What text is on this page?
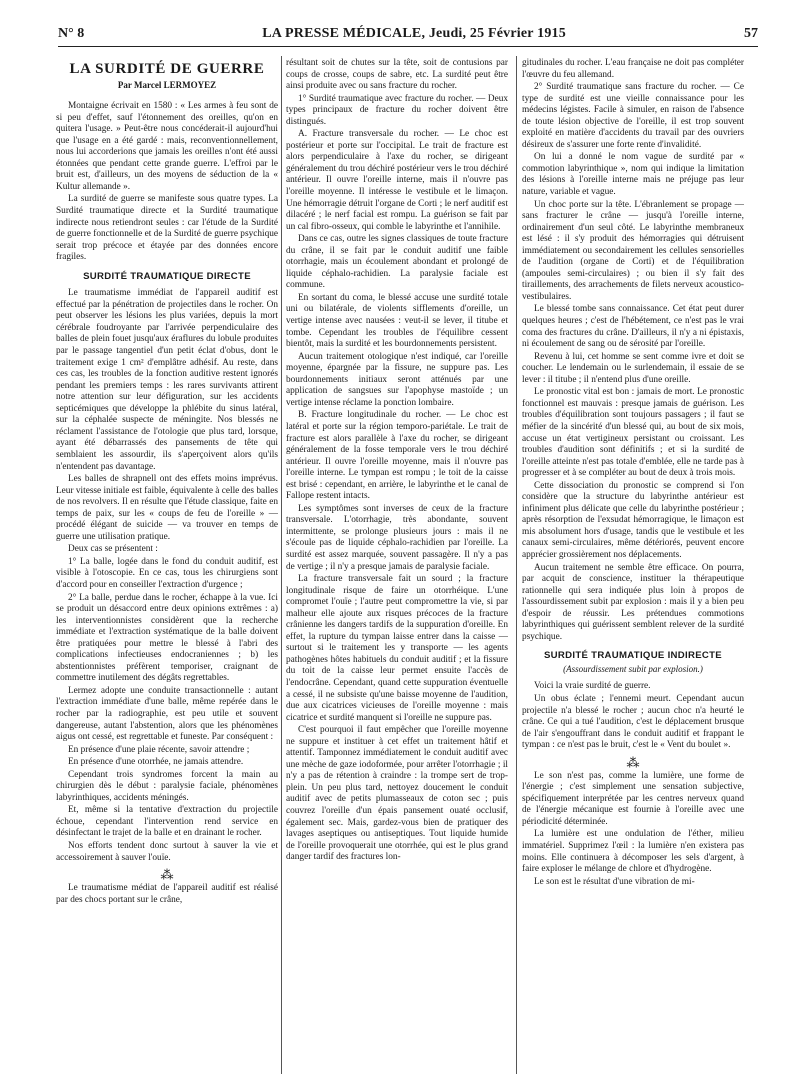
N° 8	LA PRESSE MÉDICALE, Jeudi, 25 Février 1915	57
LA SURDITÉ DE GUERRE
Par Marcel LERMOYEZ

Montaigne écrivait en 1580 : « Les armes à feu sont de si peu d'effet, sauf l'étonnement des oreilles, qu'on en quitera l'usage. » Peut-être nous concéderait-il aujourd'hui que l'usage en a été gardé : mais, reconventionnellement, nous lui accorderions que jamais les oreilles n'ont été aussi étonnées que pendant cette grande guerre. L'effroi par le bruit est, d'ailleurs, un des moyens de séduction de la « Kultur allemande ».

La surdité de guerre se manifeste sous quatre types. La Surdité traumatique directe et la Surdité traumatique indirecte nous retiendront seules : car l'étude de la Surdité de guerre fonctionnelle et de la Surdité de guerre psychique serait trop précoce et étayée par des données encore fragiles.

SURDITÉ TRAUMATIQUE DIRECTE

Le traumatisme immédiat de l'appareil auditif est effectué par la pénétration de projectiles dans le rocher. On peut observer les lésions les plus variées, depuis la mort cérébrale foudroyante par l'arrivée perpendiculaire des balles de plein fouet jusqu'aux éraflures du lobule produites par le passage tangentiel d'un petit éclat d'obus, dont le traitement exige 1 cm² d'emplâtre adhésif. Au reste, dans ces cas, les troubles de la fonction auditive restent ignorés pendant les premiers temps : les rares survivants attirent notre attention sur leur défiguration, sur les accidents septicémiques que développe la phlébite du sinus latéral, sur la céphalée suspecte de méningite. Nos blessés ne réclament l'assistance de l'otologie que plus tard, lorsque, ayant été débarrassés des pansements de tête qui semblaient les assourdir, ils s'aperçoivent alors qu'ils n'entendent pas davantage.

Les balles de shrapnell ont des effets moins imprévus. Leur vitesse initiale est faible, équivalente à celle des balles de nos revolvers. Il en résulte que l'étude classique, faite en temps de paix, sur les « coups de feu de l'oreille » — procédé élégant de suicide — va trouver en temps de guerre une utilisation pratique.

Deux cas se présentent :

1° La balle, logée dans le fond du conduit auditif, est visible à l'otoscopie. En ce cas, tous les chirurgiens sont d'accord pour en conseiller l'extraction d'urgence ;

2° La balle, perdue dans le rocher, échappe à la vue. Ici se produit un désaccord entre deux opinions extrêmes : a) les interventionnistes considèrent que la recherche immédiate et l'extraction systématique de la balle doivent être pratiquées pour mettre le blessé à l'abri des complications infectieuses endocraniennes ; b) les abstentionnistes préfèrent temporiser, craignant de commettre inutilement des dégâts regrettables.

Lermez adopte une conduite transactionnelle : autant l'extraction immédiate d'une balle, même repérée dans le rocher par la radiographie, est peu utile et souvent dangereuse, autant l'abstention, alors que les phénomènes aigus ont cessé, est regrettable et funeste. Par conséquent :

En présence d'une plaie récente, savoir attendre ;

En présence d'une otorrhée, ne jamais attendre.

Cependant trois syndromes forcent la main au chirurgien dès le début : paralysie faciale, phénomènes labyrinthiques, accidents méningés.

Et, même si la tentative d'extraction du projectile échoue, cependant l'intervention rend service en désinfectant le trajet de la balle et en drainant le rocher.

Nos efforts tendent donc surtout à sauver la vie et accessoirement à sauver l'ouïe.

⁂

Le traumatisme médiat de l'appareil auditif est réalisé par des chocs portant sur le crâne,

résultant soit de chutes sur la tête, soit de contusions par coups de crosse, coups de sabre, etc. La surdité peut être ainsi produite avec ou sans fracture du rocher.

1° Surdité traumatique avec fracture du rocher. — Deux types principaux de fracture du rocher doivent être distingués.

A. Fracture transversale du rocher. — Le choc est postérieur et porte sur l'occipital. Le trait de fracture est alors perpendiculaire à l'axe du rocher, se dirigeant généralement du trou déchiré postérieur vers le trou déchiré antérieur. Il ouvre l'oreille interne, mais il n'ouvre pas l'oreille moyenne. Il intéresse le vestibule et le limaçon. Une hémorragie détruit l'organe de Corti ; le nerf auditif est dilacéré ; le nerf facial est rompu. La guérison se fait par un cal fibro-osseux, qui comble le labyrinthe et l'annihile.

Dans ce cas, outre les signes classiques de toute fracture du crâne, il se fait par le conduit auditif une faible otorrhagie, mais un écoulement abondant et prolongé de liquide céphalo-rachidien. La paralysie faciale est commune.

En sortant du coma, le blessé accuse une surdité totale uni ou bilatérale, de violents sifflements d'oreille, un vertige intense avec nausées : veut-il se lever, il titube et tombe. Cependant les troubles de l'équilibre cessent bientôt, mais la surdité et les bourdonnements persistent.

Aucun traitement otologique n'est indiqué, car l'oreille moyenne, épargnée par la fissure, ne suppure pas. Les bourdonnements initiaux seront atténués par une application de sangsues sur l'apophyse mastoïde ; un vertige intense réclame la ponction lombaire.

B. Fracture longitudinale du rocher. — Le choc est latéral et porte sur la région temporo-pariétale. Le trait de fracture est alors parallèle à l'axe du rocher, se dirigeant généralement de la fosse temporale vers le trou déchiré antérieur. Il ouvre l'oreille moyenne, mais il n'ouvre pas l'oreille interne. Le tympan est rompu ; le toit de la caisse est brisé : cependant, en arrière, le labyrinthe et le canal de Fallope restent intacts.

Les symptômes sont inverses de ceux de la fracture transversale. L'otorrhagie, très abondante, souvent intermittente, se prolonge plusieurs jours : mais il ne s'écoule pas de liquide céphalo-rachidien par l'oreille. La surdité est assez marquée, souvent passagère. Il n'y a pas de vertige ; il n'y a presque jamais de paralysie faciale.

La fracture transversale fait un sourd ; la fracture longitudinale risque de faire un otorrhéique. L'une compromet l'ouïe ; l'autre peut compromettre la vie, si par malheur elle ajoute aux risques précoces de la fracture crânienne les dangers tardifs de la suppuration d'oreille. En effet, la rupture du tympan laisse entrer dans la caisse — surtout si le traitement les y transporte — les agents pathogènes hôtes habituels du conduit auditif ; et la fissure du toit de la caisse leur permet ensuite l'accès de l'endocrâne. Cependant, quand cette suppuration éventuelle a cessé, il ne subsiste qu'une baisse moyenne de l'audition, due aux cicatrices vicieuses de l'oreille moyenne : mais cicatrice et surdité manquent si l'oreille ne suppure pas.

C'est pourquoi il faut empêcher que l'oreille moyenne ne suppure et instituer à cet effet un traitement hâtif et attentif. Tamponnez immédiatement le conduit auditif avec une mèche de gaze iodoformée, pour arrêter l'otorrhagie ; il n'y a pas de rétention à craindre : la trompe sert de trop-plein. Un peu plus tard, nettoyez doucement le conduit auditif avec de petits plumasseaux de coton sec ; puis couvrez l'oreille d'un épais pansement ouaté occlusif, également sec. Mais, gardez-vous bien de pratiquer des lavages aseptiques ou antiseptiques. Tout liquide humide de l'oreille provoquerait une otorrhée, qui est le plus grand danger tardif des fractures lon-

gitudinales du rocher. L'eau française ne doit pas compléter l'œuvre du feu allemand.

2° Surdité traumatique sans fracture du rocher. — Ce type de surdité est une vieille connaissance pour les médecins légistes. Facile à simuler, en raison de l'absence de toute lésion objective de l'oreille, il est trop souvent exploité en matière d'accidents du travail par des ouvriers désireux de s'assurer une forte rente d'invalidité.

On lui a donné le nom vague de surdité par « commotion labyrinthique », nom qui indique la limitation des lésions à l'oreille interne mais ne préjuge pas leur nature, variable et vague.

Un choc porte sur la tête. L'ébranlement se propage — sans fracturer le crâne — jusqu'à l'oreille interne, ordinairement d'un seul côté. Le labyrinthe membraneux est lésé : il s'y produit des hémorragies qui détruisent immédiatement ou secondairement les cellules sensorielles de l'audition (organe de Corti) et de l'équilibration (ampoules semi-circulaires) ; ou bien il s'y fait des tiraillements, des arrachements de filets nerveux acoustico-vestibulaires.

Le blessé tombe sans connaissance. Cet état peut durer quelques heures ; c'est de l'hébétement, ce n'est pas le vrai coma des fractures du crâne. D'ailleurs, il n'y a ni épistaxis, ni écoulement de sang ou de sérosité par l'oreille.

Revenu à lui, cet homme se sent comme ivre et doit se coucher. Le lendemain ou le surlendemain, il essaie de se lever : il titube ; il n'entend plus d'une oreille.

Le pronostic vital est bon : jamais de mort. Le pronostic fonctionnel est mauvais : presque jamais de guérison. Les troubles d'équilibration sont toujours passagers ; il faut se méfier de la sincérité d'un blessé qui, au bout de six mois, accuse un état vertigineux persistant ou croissant. Les troubles d'audition sont définitifs ; et si la surdité de l'oreille atteinte n'est pas totale d'emblée, elle ne tarde pas à progresser et à se compléter au bout de deux à trois mois.

Cette dissociation du pronostic se comprend si l'on considère que la structure du labyrinthe antérieur est infiniment plus délicate que celle du labyrinthe postérieur ; après résorption de l'exsudat hémorragique, le limaçon est mis absolument hors d'usage, tandis que le vestibule et les canaux semi-circulaires, même détériorés, peuvent encore apprécier grossièrement nos déplacements.

Aucun traitement ne semble être efficace. On pourra, par acquit de conscience, instituer la thérapeutique rationnelle qui sera indiquée plus loin à propos de l'assourdissement subit par explosion : mais il y a bien peu d'espoir de réussir. Les prétendues commotions labyrinthiques qui guérissent semblent relever de la surdité psychique.

SURDITÉ TRAUMATIQUE INDIRECTE
(Assourdissement subit par explosion.)

Voici la vraie surdité de guerre.

Un obus éclate ; l'ennemi meurt. Cependant aucun projectile n'a blessé le rocher ; aucun choc n'a heurté le crâne. Ce qui a tué l'audition, c'est le déplacement brusque de l'air s'engouffrant dans le conduit auditif et frappant le tympan : ce n'est pas le bruit, c'est le « Vent du boulet ».

⁂

Le son n'est pas, comme la lumière, une forme de l'énergie ; c'est simplement une sensation subjective, spécifiquement interprétée par les centres nerveux quand de l'énergie mécanique est fournie à l'oreille avec une périodicité déterminée.

La lumière est une ondulation de l'éther, milieu immatériel. Supprimez l'œil : la lumière n'en existera pas moins. Elle continuera à décomposer les sels d'argent, à faire exploser le mélange de chlore et d'hydrogène.

Le son est le résultat d'une vibration de mi-
